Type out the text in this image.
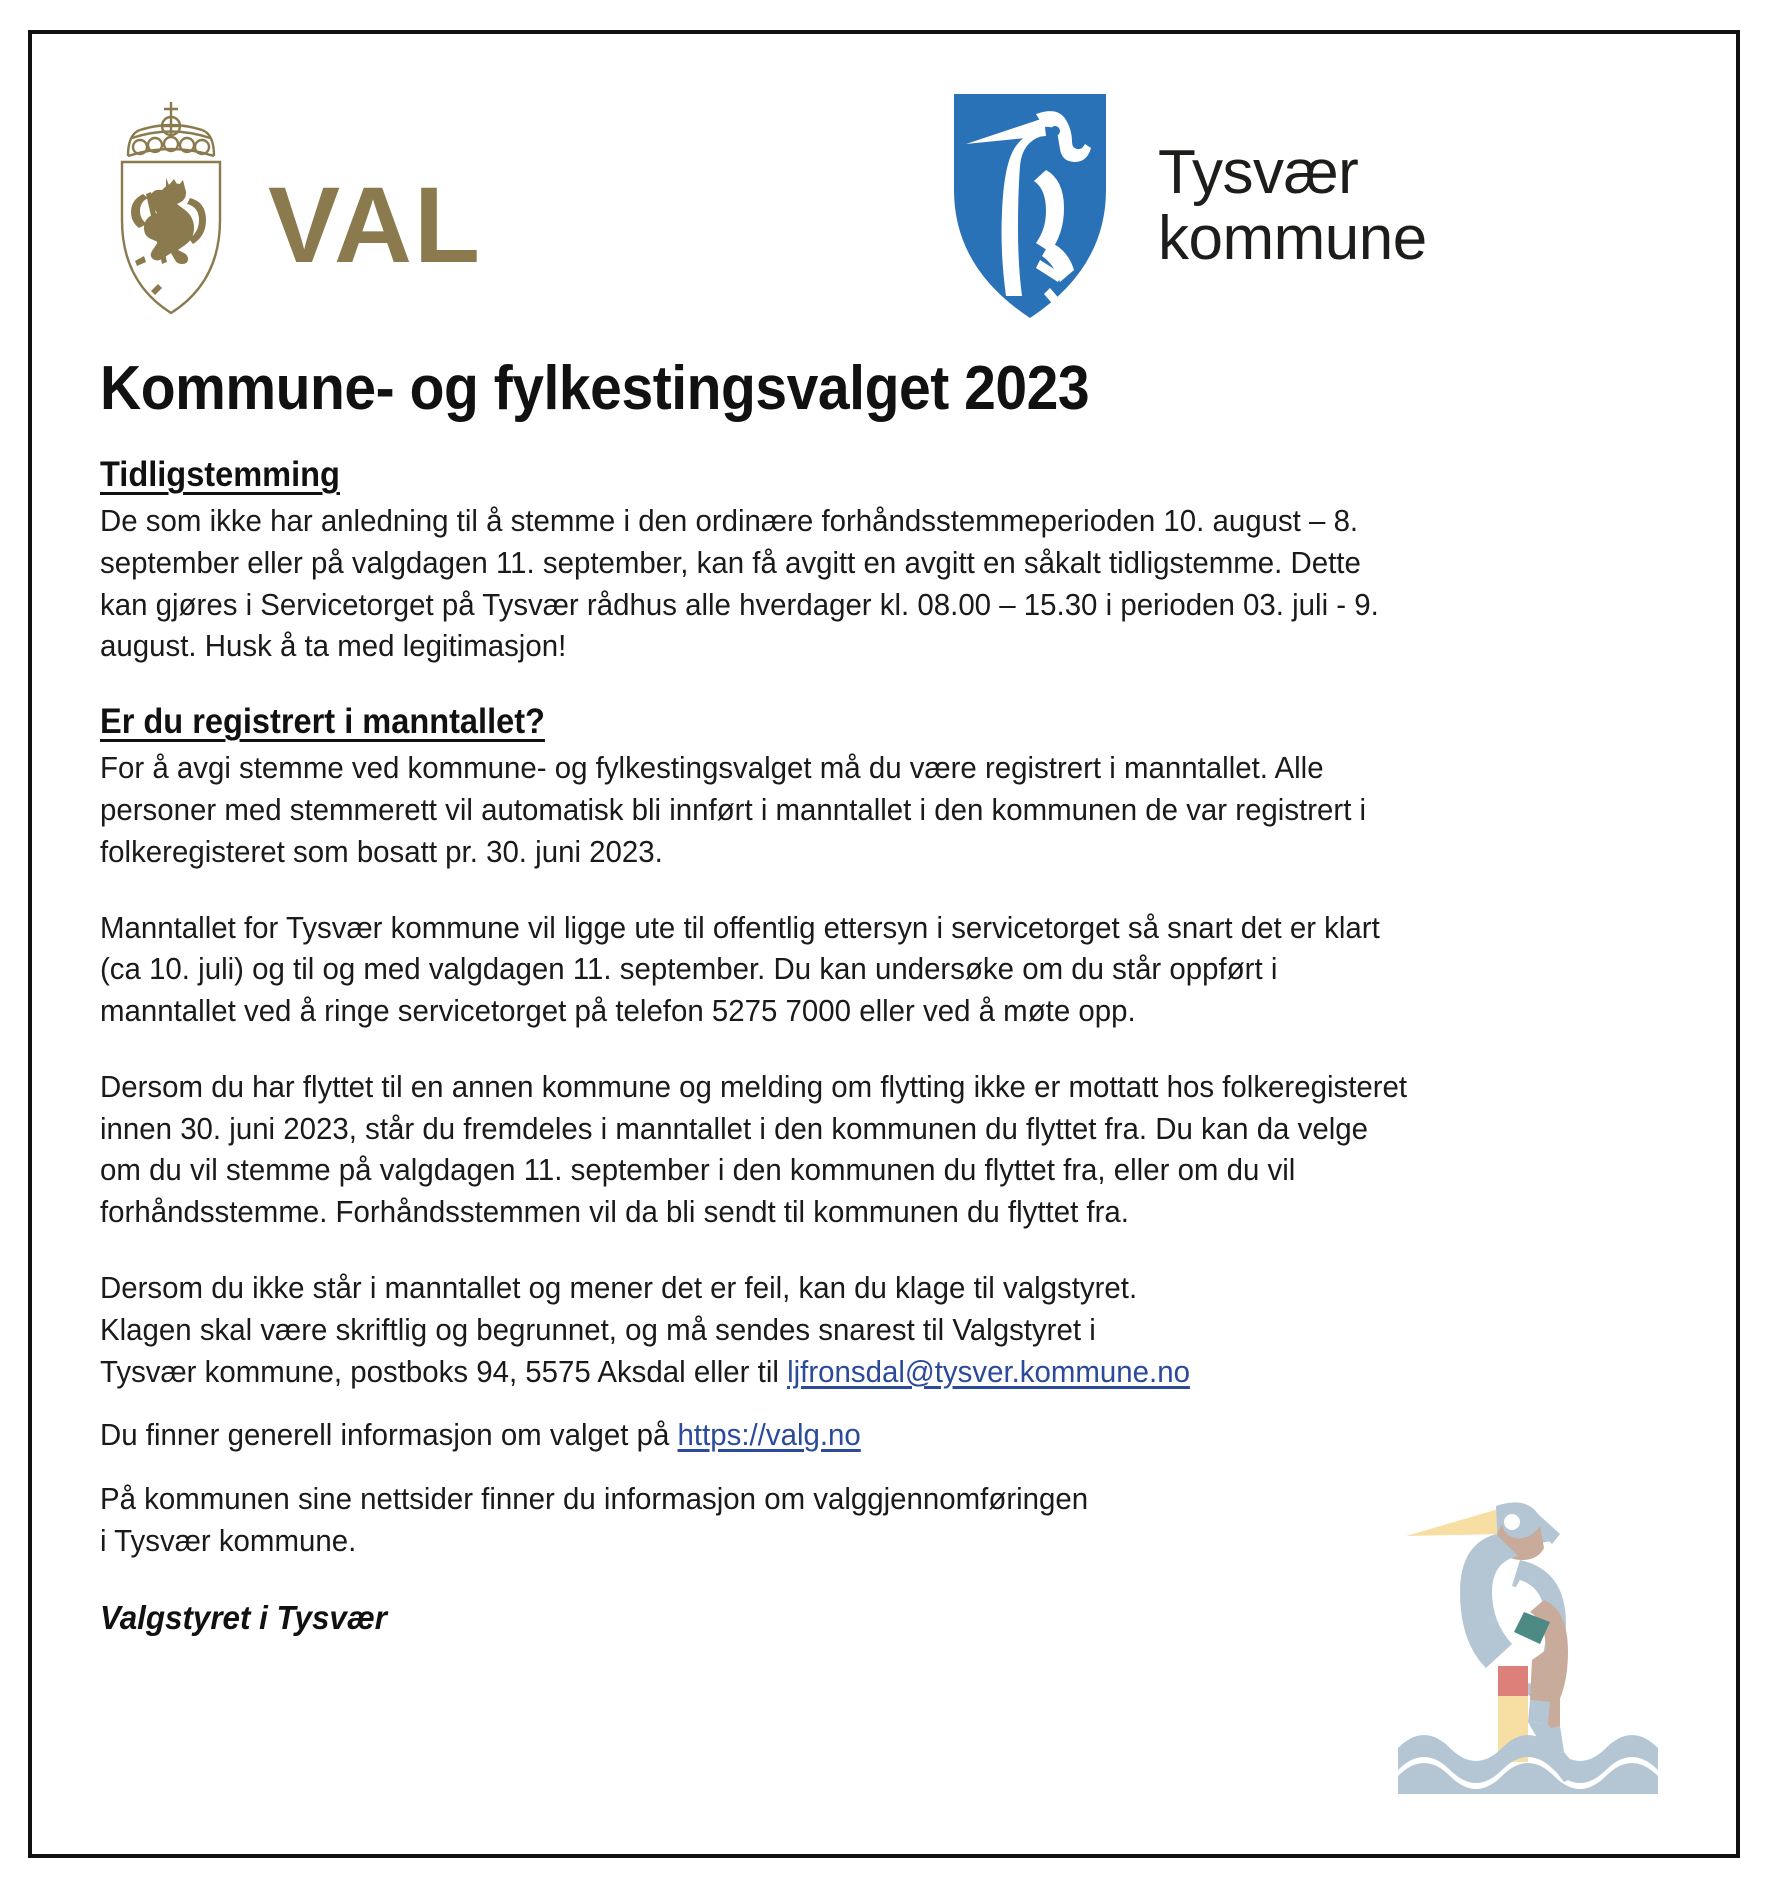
VAL	Tysvær
kommune
Kommune- og fylkestingsvalget 2023
Tidligstemming

De som ikke har anledning til å stemme i den ordinære forhåndsstemmeperioden 10. august – 8. september eller på valgdagen 11. september, kan få avgitt en avgitt en såkalt tidligstemme. Dette kan gjøres i Servicetorget på Tysvær rådhus alle hverdager kl. 08.00 – 15.30 i perioden 03. juli - 9. august. Husk å ta med legitimasjon!

Er du registrert i manntallet?

For å avgi stemme ved kommune- og fylkestingsvalget må du være registrert i manntallet. Alle personer med stemmerett vil automatisk bli innført i manntallet i den kommunen de var registrert i folkeregisteret som bosatt pr. 30. juni 2023.

Manntallet for Tysvær kommune vil ligge ute til offentlig ettersyn i servicetorget så snart det er klart (ca 10. juli) og til og med valgdagen 11. september. Du kan undersøke om du står oppført i manntallet ved å ringe servicetorget på telefon 5275 7000 eller ved å møte opp.

Dersom du har flyttet til en annen kommune og melding om flytting ikke er mottatt hos folkeregisteret innen 30. juni 2023, står du fremdeles i manntallet i den kommunen du flyttet fra. Du kan da velge om du vil stemme på valgdagen 11. september i den kommunen du flyttet fra, eller om du vil forhåndsstemme. Forhåndsstemmen vil da bli sendt til kommunen du flyttet fra.

Dersom du ikke står i manntallet og mener det er feil, kan du klage til valgstyret.
Klagen skal være skriftlig og begrunnet, og må sendes snarest til Valgstyret i
Tysvær kommune, postboks 94, 5575 Aksdal eller til ljfronsdal@tysver.kommune.no

Du finner generell informasjon om valget på https://valg.no

På kommunen sine nettsider finner du informasjon om valggjennomføringen
i Tysvær kommune.

Valgstyret i Tysvær
